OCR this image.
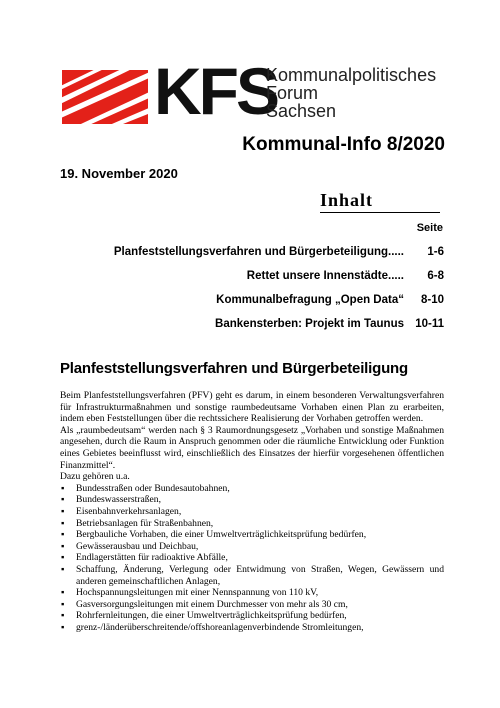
KFS
Kommunalpolitisches
Forum
Sachsen
Kommunal-Info 8/2020
19. November 2020
Inhalt
Seite
Planfeststellungsverfahren und Bürgerbeteiligung.....	1-6
Rettet unsere Innenstädte.....	6-8
Kommunalbefragung „Open Data“	8-10
Bankensterben: Projekt im Taunus 10-11
Planfeststellungsverfahren und Bürgerbeteiligung

Beim Planfeststellungsverfahren (PFV) geht es darum, in einem besonderen Verwaltungsverfahren für Infrastrukturmaßnahmen und sonstige raumbedeutsame Vorhaben einen Plan zu erarbeiten, indem eben Feststellungen über die rechtssichere Realisierung der Vorhaben getroffen werden.

Als „raumbedeutsam“ werden nach § 3 Raumordnungsgesetz „Vorhaben und sonstige Maßnahmen angesehen, durch die Raum in Anspruch genommen oder die räumliche Entwicklung oder Funktion eines Gebietes beeinflusst wird, einschließlich des Einsatzes der hierfür vorgesehenen öffentlichen Finanzmittel“.

Dazu gehören u.a.

▪ Bundesstraßen oder Bundesautobahnen,
▪ Bundeswasserstraßen,
▪ Eisenbahnverkehrsanlagen,
▪ Betriebsanlagen für Straßenbahnen,
▪ Bergbauliche Vorhaben, die einer Umweltverträglichkeitsprüfung bedürfen,
▪ Gewässerausbau und Deichbau,
▪ Endlagerstätten für radioaktive Abfälle,
▪ Schaffung, Änderung, Verlegung oder Entwidmung von Straßen, Wegen, Gewässern und anderen gemeinschaftlichen Anlagen,
▪ Hochspannungsleitungen mit einer Nennspannung von 110 kV,
▪ Gasversorgungsleitungen mit einem Durchmesser von mehr als 30 cm,
▪ Rohrfernleitungen, die einer Umweltverträglichkeitsprüfung bedürfen,
▪ grenz-/länderüberschreitende/offshoreanlagenverbindende Stromleitungen,
